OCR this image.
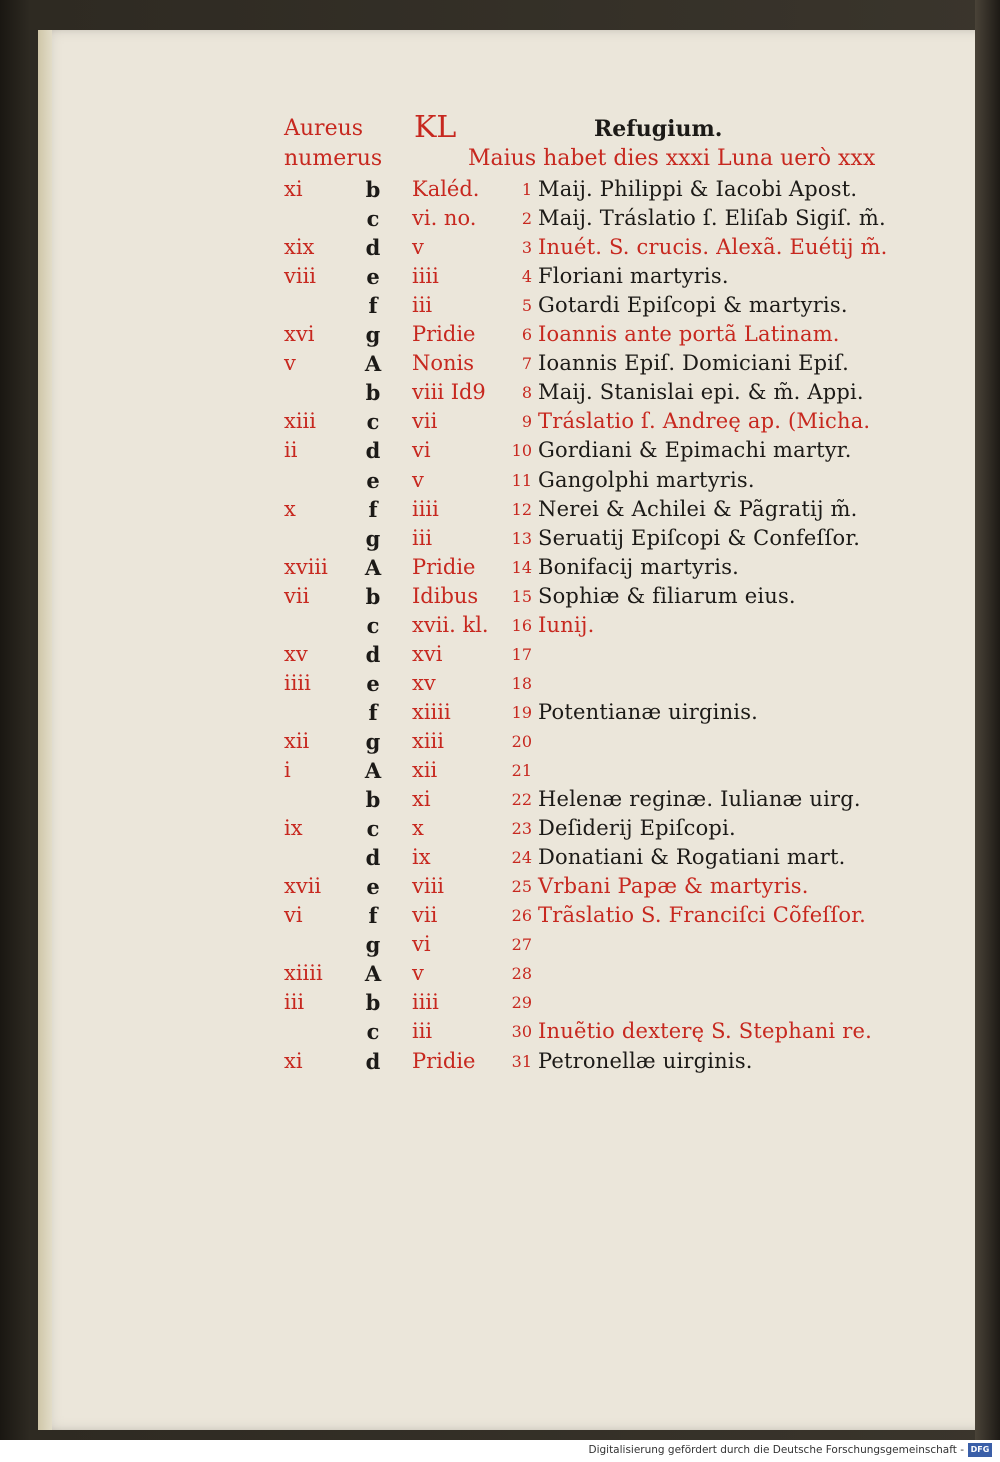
Aureus KL	Refugium.
numerus	Maius habet dies xxxi Luna uerò xxx
xi	b Kaléd.	1 Maij. Philippi & Iacobi Apost.
c	vi. no.	2 Maij. Tráslatio ſ. Eliſab Sigiſ. m̃.
xix d v	3 Inuét. S. crucis. Alexã. Euétij m̃.
viii	e	iiii	4 Floriani martyris.
f	iii	5 Gotardi Epiſcopi & martyris.
xvi g Pridie	6 Ioannis ante portã Latinam.
v	A Nonis	7 Ioannis Epiſ. Domiciani Epiſ.
b viii Id9	8 Maij. Stanislai epi. & m̃. Appi.
xiii	c	vii	9 Tráslatio ſ. Andreę ap. (Micha.
ii	d vi	10 Gordiani & Epimachi martyr.
e	v	11 Gangolphi martyris.
x	f	iiii	12 Nerei & Achilei & Pãgratij m̃.
g iii	13 Seruatij Epiſcopi & Confeſſor.
xviii A Pridie	14 Bonifacij martyris.
vii	b Idibus	15 Sophiæ & filiarum eius.
c	xvii. kl.	16 Iunij.
xv	d xvi	17
iiii	e	xv	18
f	xiiii	19 Potentianæ uirginis.
xii	g xiii	20
i	A xii	21
b xi	22 Helenæ reginæ. Iulianæ uirg.
ix	c	x	23 Deſiderij Epiſcopi.
d ix	24 Donatiani & Rogatiani mart.
xvii	e	viii	25 Vrbani Papæ & martyris.
vi	f	vii	26 Trãslatio S. Franciſci Cõfeſſor.
g vi	27
xiiii A v	28
iii	b iiii	29
c	iii	30 Inuẽtio dexterę S. Stephani re.
xi	d Pridie	31 Petronellæ uirginis.
Digitalisierung gefördert durch die Deutsche Forschungsgemeinschaft - DFG
